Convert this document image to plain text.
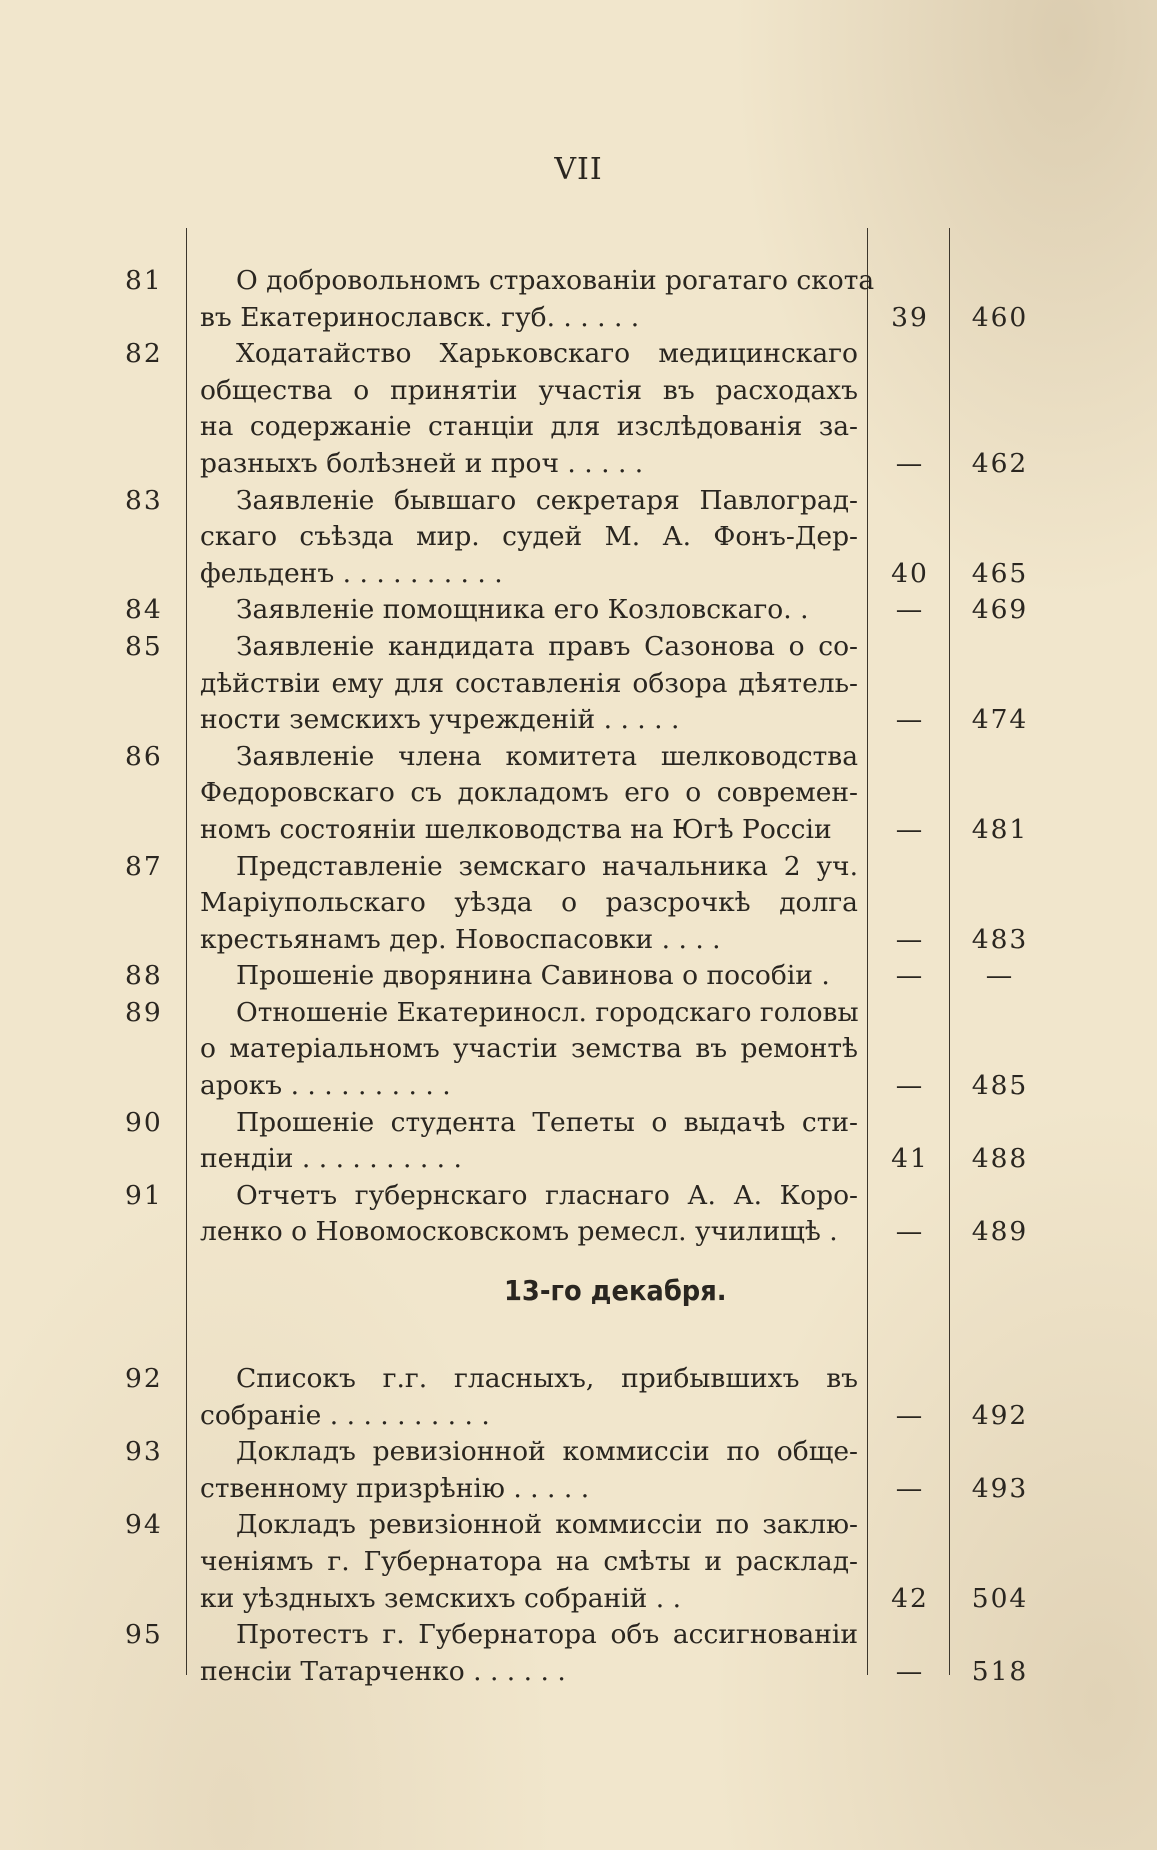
VII
81	О добровольномъ страхованіи рогатаго скота
въ Екатеринославск. губ. . . . . .	39	460
82	Ходатайство Харьковскаго медицинскаго
общества о принятіи участія въ расходахъ
на содержаніе станціи для изслѣдованія за-
разныхъ болѣзней и проч . . . . .	—	462
83	Заявленіе бывшаго секретаря Павлоград-
скаго съѣзда мир. судей М. А. Фонъ-Дер-
фельденъ . . . . . . . . . .	40	465
84	Заявленіе помощника его Козловскаго. .	—	469
85	Заявленіе кандидата правъ Сазонова о со-
дѣйствіи ему для составленія обзора дѣятель-
ности земскихъ учрежденій . . . . .	—	474
86	Заявленіе члена комитета шелководства
Федоровскаго съ докладомъ его о современ-
номъ состояніи шелководства на Югѣ Россіи	—	481
87	Представленіе земскаго начальника 2 уч.
Маріупольскаго уѣзда о разсрочкѣ долга
крестьянамъ дер. Новоспасовки . . . .	—	483
88	Прошеніе дворянина Савинова о пособіи .	—	—
89	Отношеніе Екатериносл. городскаго головы
о матеріальномъ участіи земства въ ремонтѣ
арокъ . . . . . . . . . .	—	485
90	Прошеніе студента Тепеты о выдачѣ сти-
пендіи . . . . . . . . . .	41	488
91	Отчетъ губернскаго гласнаго А. А. Коро-
ленко о Новомосковскомъ ремесл. училищѣ .	—	489
13-го декабря.
92	Списокъ г.г. гласныхъ, прибывшихъ въ
собраніе . . . . . . . . . .	—	492
93	Докладъ ревизіонной коммиссіи по обще-
ственному призрѣнію . . . . .	—	493
94	Докладъ ревизіонной коммиссіи по заклю-
ченіямъ г. Губернатора на смѣты и расклад-
ки уѣздныхъ земскихъ собраній . .	42	504
95	Протестъ г. Губернатора объ ассигнованіи
пенсіи Татарченко . . . . . .	—	518
